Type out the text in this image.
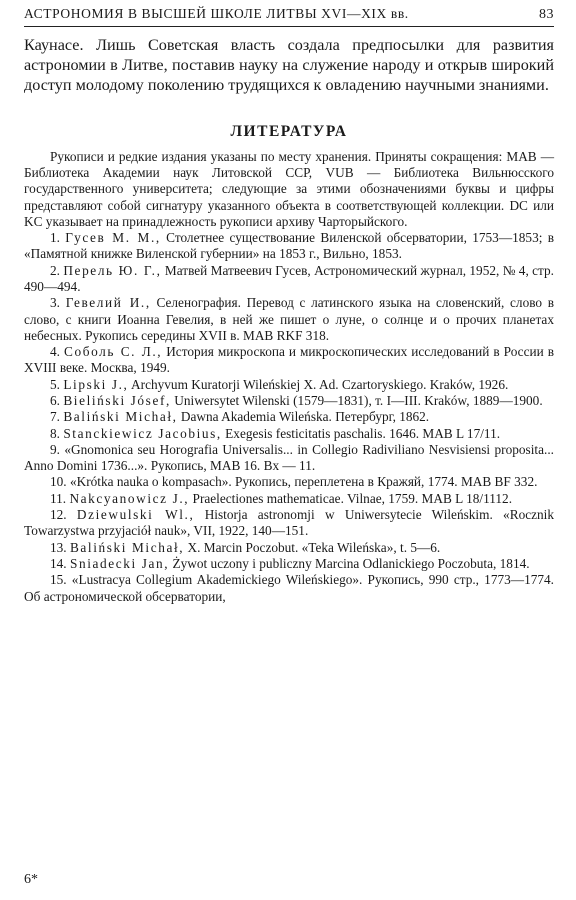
АСТРОНОМИЯ В ВЫСШЕЙ ШКОЛЕ ЛИТВЫ XVI—XIX вв.	83

Каунасе. Лишь Советская власть создала предпосылки для развития астрономии в Литве, поставив науку на служение народу и открыв широкий доступ молодому поколению трудящихся к овладению научными знаниями.

ЛИТЕРАТУРА

Рукописи и редкие издания указаны по месту хранения. Приняты сокращения: MAB — Библиотека Академии наук Литовской ССР, VUB — Библиотека Вильнюсского государственного университета; следующие за этими обозначениями буквы и цифры представляют собой сигнатуру указанного объекта в соответствующей коллекции. DC или KC указывает на принадлежность рукописи архиву Чарторыйского.

1. Гусев М. М., Столетнее существование Виленской обсерватории, 1753—1853; в «Памятной книжке Виленской губернии» на 1853 г., Вильно, 1853.
2. Перель Ю. Г., Матвей Матвеевич Гусев, Астрономический журнал, 1952, № 4, стр. 490—494.
3. Гевелий И., Селенография. Перевод с латинского языка на словенский, слово в слово, с книги Иоанна Гевелия, в ней же пишет о луне, о солнце и о прочих планетах небесных. Рукопись середины XVII в. MAB RKF 318.
4. Соболь С. Л., История микроскопа и микроскопических исследований в России в XVIII веке. Москва, 1949.
5. Lipski J., Archyvum Kuratorji Wileńskiej X. Ad. Czartoryskiego. Kraków, 1926.
6. Bieliński Jósef, Uniwersytet Wilenski (1579—1831), т. I—III. Kraków, 1889—1900.
7. Baliński Michał, Dawna Akademia Wileńska. Петербург, 1862.
8. Stanckiewicz Jacobius, Exegesis festicitatis paschalis. 1646. MAB L 17/11.
9. «Gnomonica seu Horografia Universalis... in Collegio Radiviliano Nesvisiensi proposita... Anno Domini 1736...». Рукопись, MAB 16. Bx — 11.
10. «Krótka nauka o kompasach». Рукопись, переплетена в Кражяй, 1774. MAB BF 332.
11. Nakcyanowicz J., Praelectiones mathematicae. Vilnae, 1759. MAB L 18/1112.
12. Dziewulski Wl., Historja astronomji w Uniwersytecie Wileńskim. «Rocznik Towarzystwa przyjaciół nauk», VII, 1922, 140—151.
13. Baliński Michał, X. Marcin Poczobut. «Teka Wileńska», t. 5—6.
14. Sniadecki Jan, Żywot uczony i publiczny Marcina Odlanickiego Poczobuta, 1814.
15. «Lustracya Collegium Akademickiego Wileńskiego». Рукопись, 990 стр., 1773—1774. Об астрономической обсерватории,
6*
